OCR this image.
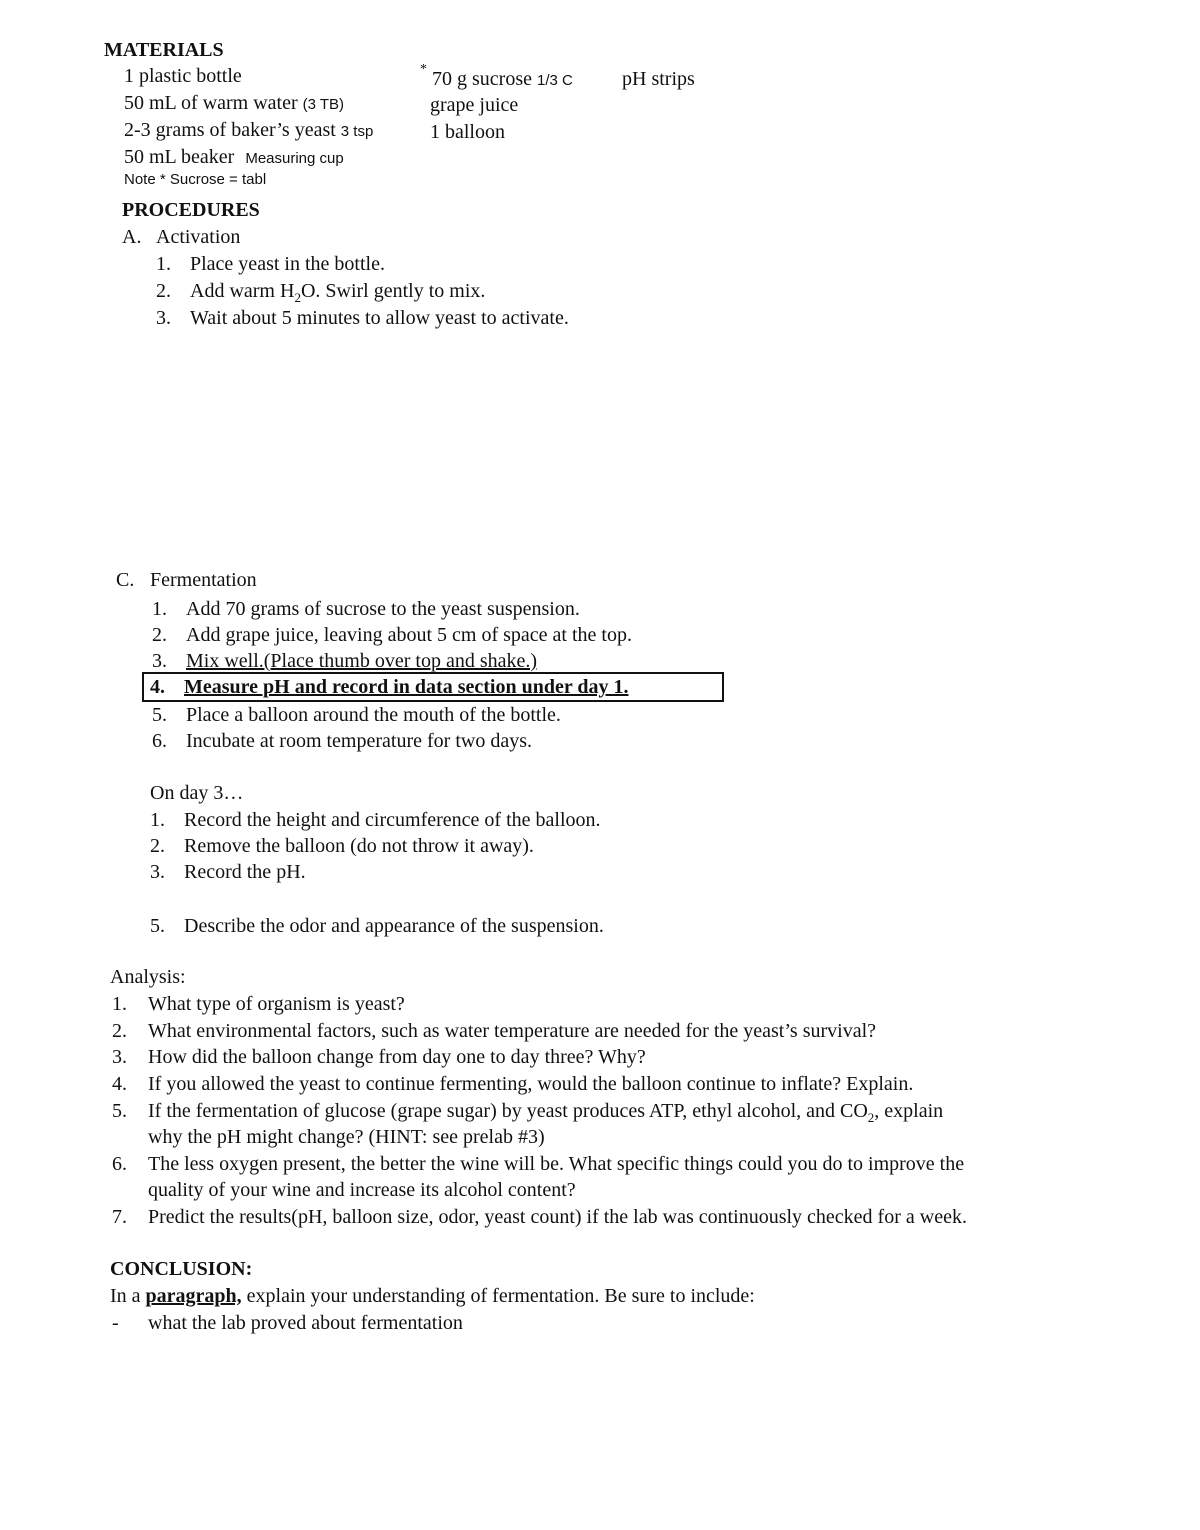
MATERIALS
1 plastic bottle
50 mL of warm water (3 TB)
2-3 grams of baker’s yeast 3 tsp
50 mL beaker Measuring cup
Note * Sucrose = tabl
* 70 g sucrose 1/3 C
grape juice
1 balloon
pH strips
PROCEDURES
A. Activation
1. Place yeast in the bottle.
2. Add warm $H_2O$. Swirl gently to mix.
3. Wait about 5 minutes to allow yeast to activate.
C. Fermentation
1. Add 70 grams of sucrose to the yeast suspension.
2. Add grape juice, leaving about 5 cm of space at the top.
3. Mix well.(Place thumb over top and shake.)
4. Measure pH and record in data section under day 1.
5. Place a balloon around the mouth of the bottle.
6. Incubate at room temperature for two days.
On day 3…
1. Record the height and circumference of the balloon.
2. Remove the balloon (do not throw it away).
3. Record the pH.
5. Describe the odor and appearance of the suspension.
Analysis:
1. What type of organism is yeast?
2. What environmental factors, such as water temperature are needed for the yeast’s survival?
3. How did the balloon change from day one to day three? Why?
4. If you allowed the yeast to continue fermenting, would the balloon continue to inflate? Explain.
5. If the fermentation of glucose (grape sugar) by yeast produces ATP, ethyl alcohol, and $CO_2$, explain
why the pH might change? (HINT: see prelab #3)
6. The less oxygen present, the better the wine will be. What specific things could you do to improve the
quality of your wine and increase its alcohol content?
7. Predict the results(pH, balloon size, odor, yeast count) if the lab was continuously checked for a week.
CONCLUSION:
In a paragraph, explain your understanding of fermentation. Be sure to include:
- what the lab proved about fermentation
